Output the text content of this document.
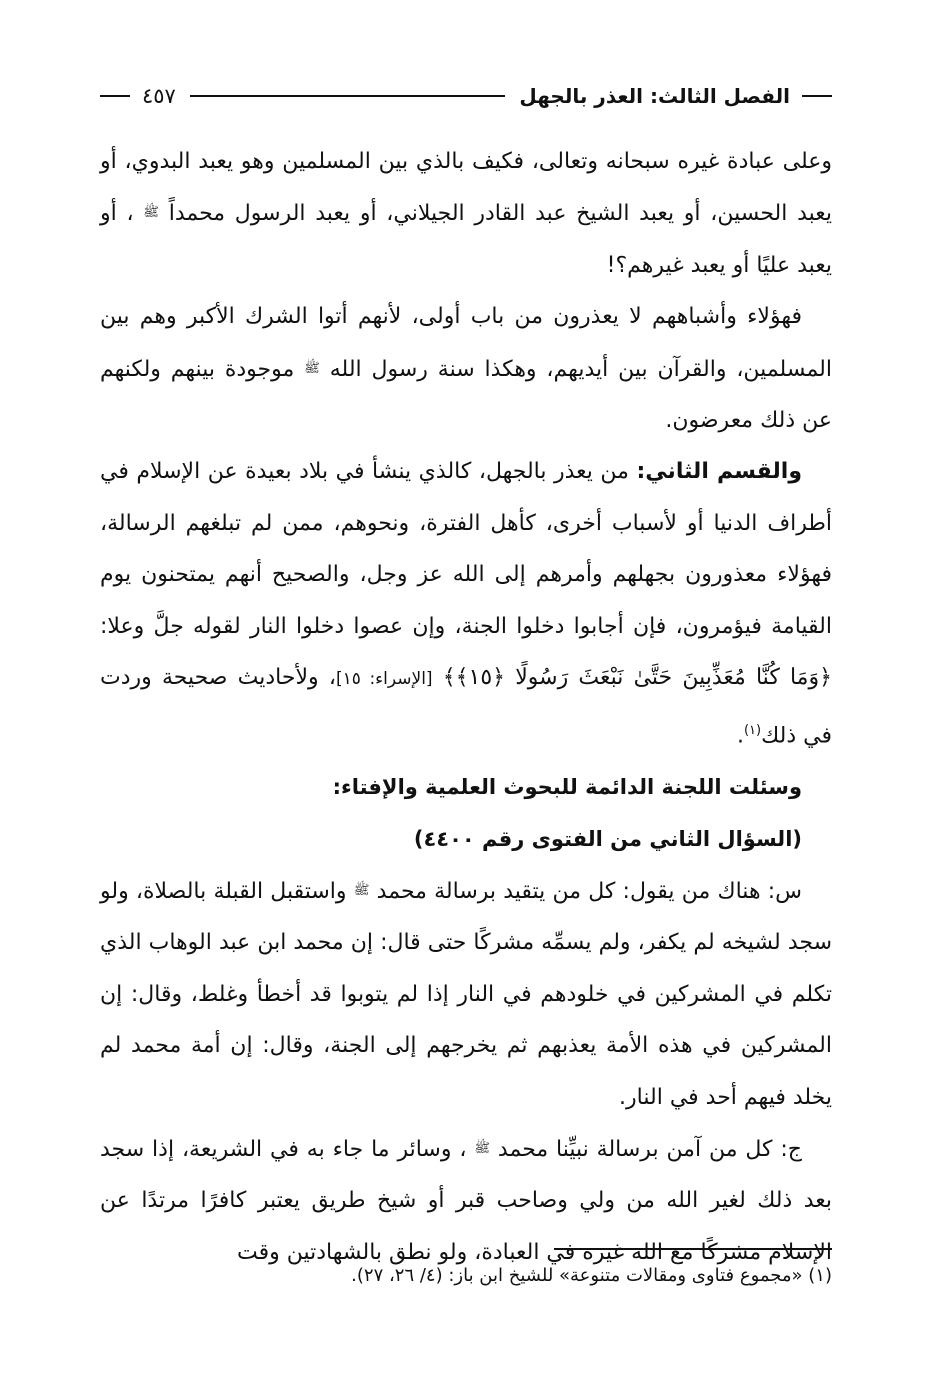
الفصل الثالث: العذر بالجهل
٤٥٧

وعلى عبادة غيره سبحانه وتعالى، فكيف بالذي بين المسلمين وهو يعبد البدوي، أو يعبد الحسين، أو يعبد الشيخ عبد القادر الجيلاني، أو يعبد الرسول محمداً ﷺ ، أو يعبد عليًا أو يعبد غيرهم؟!

فهؤلاء وأشباههم لا يعذرون من باب أولى، لأنهم أتوا الشرك الأكبر وهم بين المسلمين، والقرآن بين أيديهم، وهكذا سنة رسول الله ﷺ موجودة بينهم ولكنهم عن ذلك معرضون.

والقسم الثاني: من يعذر بالجهل، كالذي ينشأ في بلاد بعيدة عن الإسلام في أطراف الدنيا أو لأسباب أخرى، كأهل الفترة، ونحوهم، ممن لم تبلغهم الرسالة، فهؤلاء معذورون بجهلهم وأمرهم إلى الله عز وجل، والصحيح أنهم يمتحنون يوم القيامة فيؤمرون، فإن أجابوا دخلوا الجنة، وإن عصوا دخلوا النار لقوله جلَّ وعلا: ﴿وَمَا كُنَّا مُعَذِّبِينَ حَتَّىٰ نَبْعَثَ رَسُولًا ﴿١٥﴾﴾ [الإسراء: ١٥]، ولأحاديث صحيحة وردت في ذلك$^{(١)}$.

وسئلت اللجنة الدائمة للبحوث العلمية والإفتاء:

(السؤال الثاني من الفتوى رقم ٤٤٠٠)

س: هناك من يقول: كل من يتقيد برسالة محمد ﷺ واستقبل القبلة بالصلاة، ولو سجد لشيخه لم يكفر، ولم يسمِّه مشركًا حتى قال: إن محمد ابن عبد الوهاب الذي تكلم في المشركين في خلودهم في النار إذا لم يتوبوا قد أخطأ وغلط، وقال: إن المشركين في هذه الأمة يعذبهم ثم يخرجهم إلى الجنة، وقال: إن أمة محمد لم يخلد فيهم أحد في النار.

ج: كل من آمن برسالة نبيِّنا محمد ﷺ ، وسائر ما جاء به في الشريعة، إذا سجد بعد ذلك لغير الله من ولي وصاحب قبر أو شيخ طريق يعتبر كافرًا مرتدًا عن الإسلام مشركًا مع الله غيره في العبادة، ولو نطق بالشهادتين وقت

(١) «مجموع فتاوى ومقالات متنوعة» للشيخ ابن باز: (٤/ ٢٦، ٢٧).
